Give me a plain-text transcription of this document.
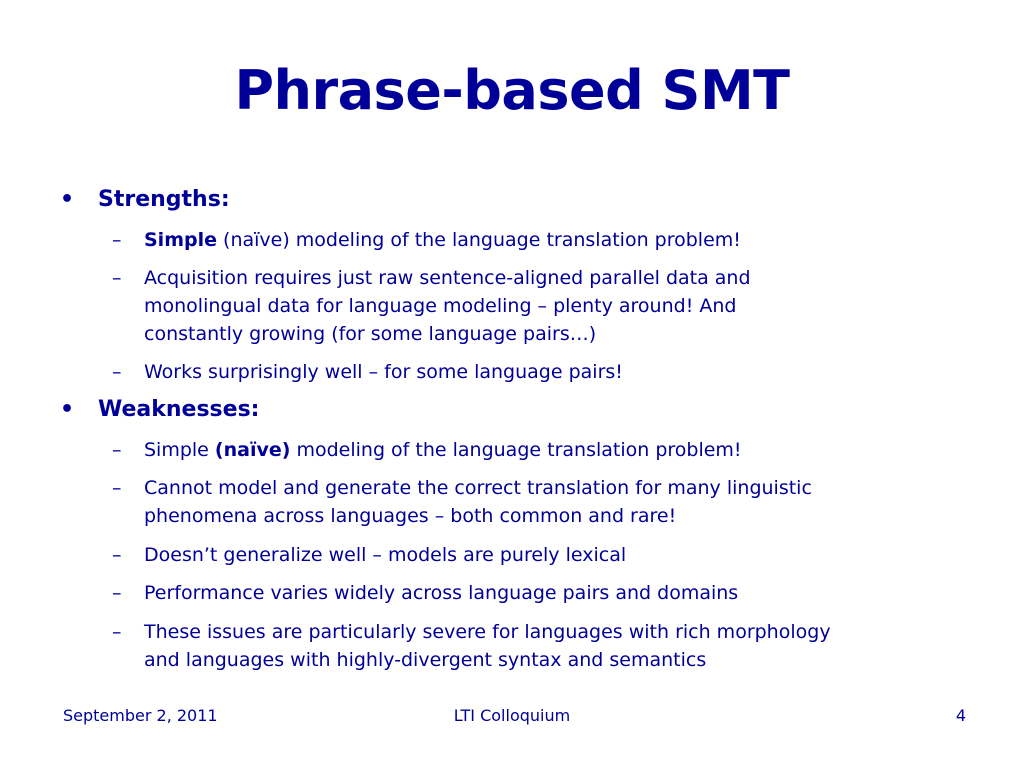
Phrase-based SMT
• Strengths:
– Simple (naïve) modeling of the language translation problem!
– Acquisition requires just raw sentence-aligned parallel data and
monolingual data for language modeling – plenty around! And
constantly growing (for some language pairs…)
– Works surprisingly well – for some language pairs!
• Weaknesses:
– Simple (naïve) modeling of the language translation problem!
– Cannot model and generate the correct translation for many linguistic
phenomena across languages – both common and rare!
– Doesn’t generalize well – models are purely lexical
– Performance varies widely across language pairs and domains
– These issues are particularly severe for languages with rich morphology
and languages with highly-divergent syntax and semantics
September 2, 2011	LTI Colloquium	4
